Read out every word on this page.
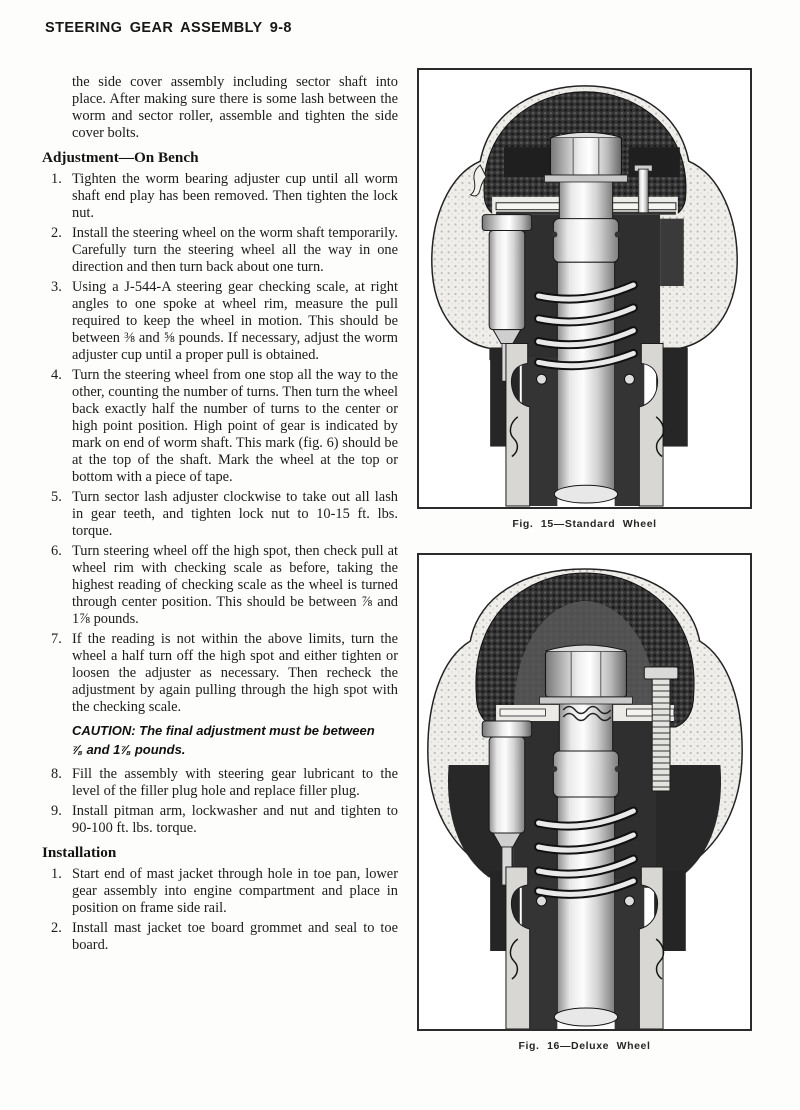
STEERING GEAR ASSEMBLY 9-8

the side cover assembly including sector shaft into place. After making sure there is some lash between the worm and sector roller, assemble and tighten the side cover bolts.

Adjustment—On Bench
1. Tighten the worm bearing adjuster cup until all worm shaft end play has been removed. Then tighten the lock nut.
2. Install the steering wheel on the worm shaft temporarily. Carefully turn the steering wheel all the way in one direction and then turn back about one turn.
3. Using a J-544-A steering gear checking scale, at right angles to one spoke at wheel rim, measure the pull required to keep the wheel in motion. This should be between ⅜ and ⅝ pounds. If necessary, adjust the worm adjuster cup until a proper pull is obtained.
4. Turn the steering wheel from one stop all the way to the other, counting the number of turns. Then turn the wheel back exactly half the number of turns to the center or high point position. High point of gear is indicated by mark on end of worm shaft. This mark (fig. 6) should be at the top of the shaft. Mark the wheel at the top or bottom with a piece of tape.
5. Turn sector lash adjuster clockwise to take out all lash in gear teeth, and tighten lock nut to 10-15 ft. lbs. torque.
6. Turn steering wheel off the high spot, then check pull at wheel rim with checking scale as before, taking the highest reading of checking scale as the wheel is turned through center position. This should be between ⅞ and 1⅞ pounds.
7. If the reading is not within the above limits, turn the wheel a half turn off the high spot and either tighten or loosen the adjuster as necessary. Then recheck the adjustment by again pulling through the high spot with the checking scale.
CAUTION: The final adjustment must be between ⅞ and 1⅞ pounds.
8. Fill the assembly with steering gear lubricant to the level of the filler plug hole and replace filler plug.
9. Install pitman arm, lockwasher and nut and tighten to 90-100 ft. lbs. torque.
Installation
1. Start end of mast jacket through hole in toe pan, lower gear assembly into engine compartment and place in position on frame side rail.
2. Install mast jacket toe board grommet and seal to toe board.
Fig. 15—Standard Wheel
Fig. 16—Deluxe Wheel
